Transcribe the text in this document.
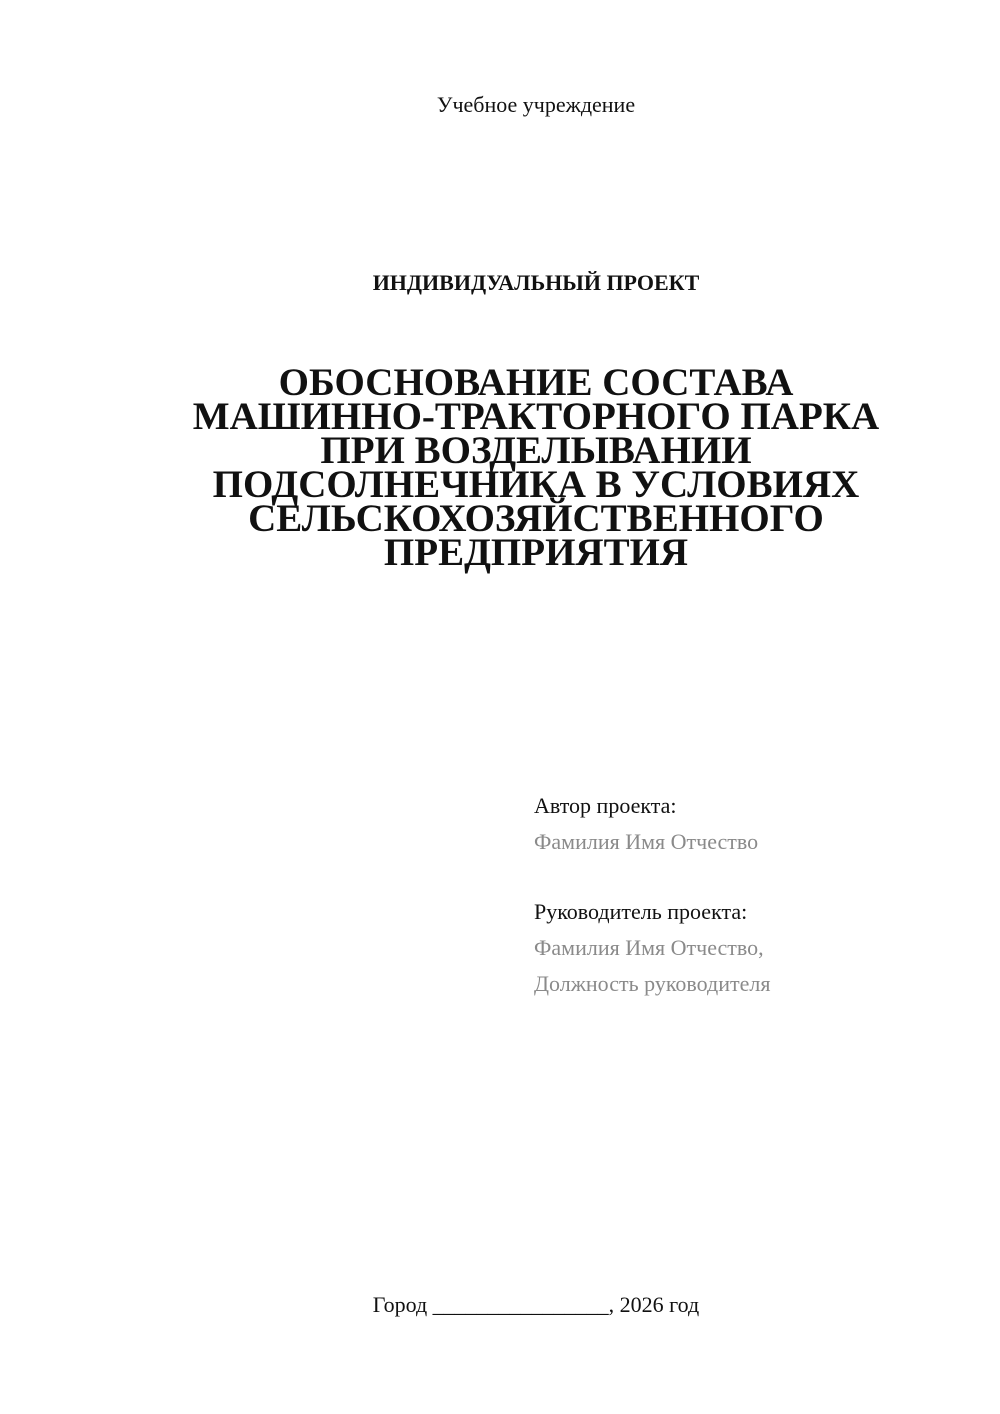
Учебное учреждение
ИНДИВИДУАЛЬНЫЙ ПРОЕКТ
ОБОСНОВАНИЕ СОСТАВА
МАШИННО-ТРАКТОРНОГО ПАРКА
ПРИ ВОЗДЕЛЫВАНИИ
ПОДСОЛНЕЧНИКА В УСЛОВИЯХ
СЕЛЬСКОХОЗЯЙСТВЕННОГО
ПРЕДПРИЯТИЯ
Автор проекта:
Фамилия Имя Отчество
Руководитель проекта:
Фамилия Имя Отчество,
Должность руководителя
Город ________________, 2026 год
